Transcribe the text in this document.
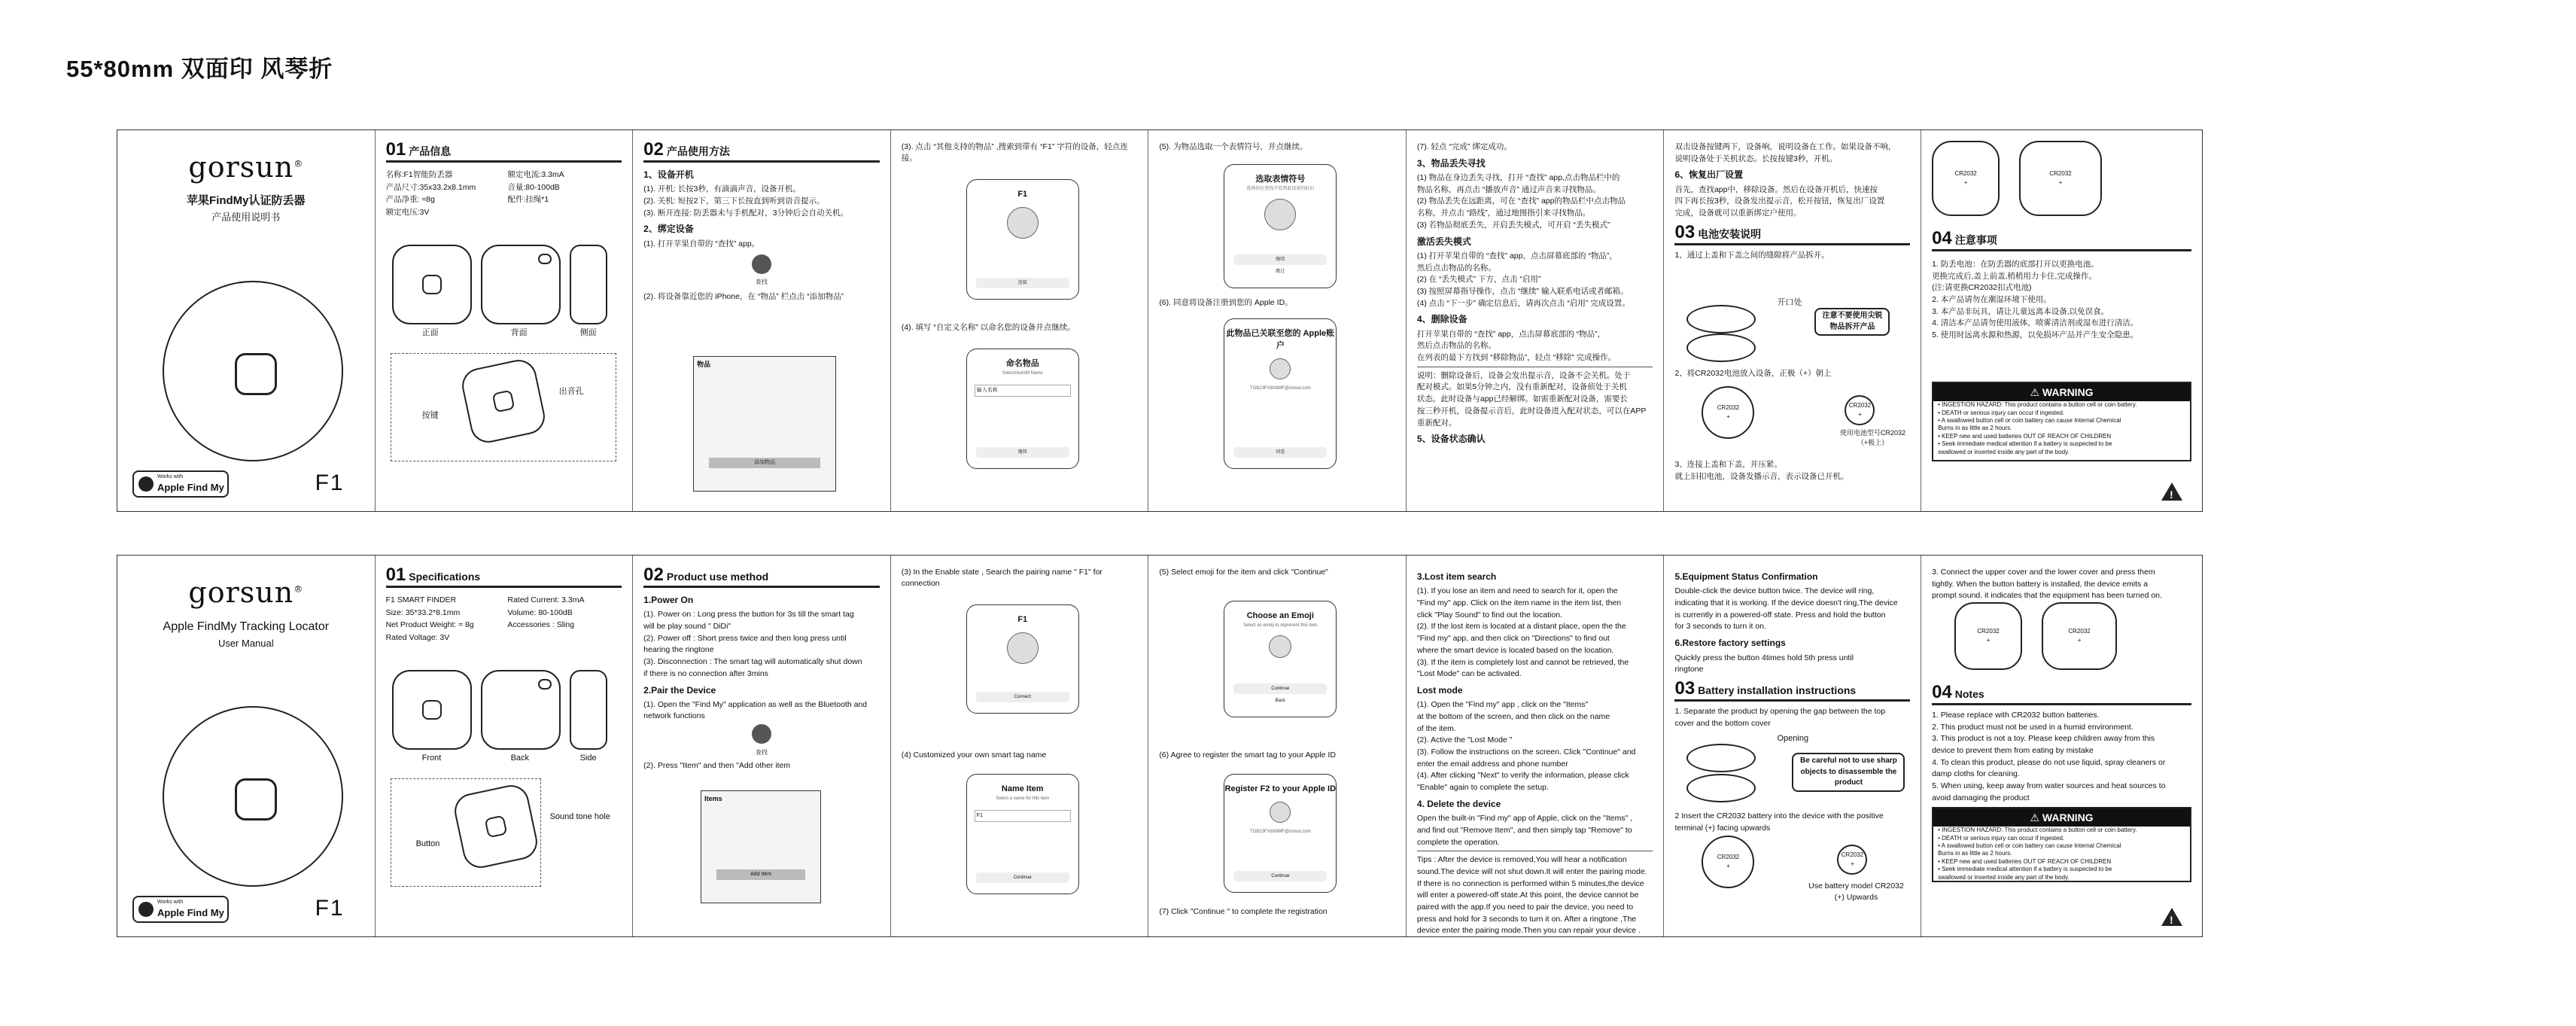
55*80mm 双面印 风琴折
gorsun®
苹果FindMy认证防丢器
产品使用说明书
Works with
Apple Find My	F1
01 产品信息
名称:F1智能防丢器	额定电流:3.3mA
产品尺寸:35x33.2x8.1mm	音量:80-100dB
产品净重: ≈8g	配件:挂绳*1
额定电压:3V
正面	背面	侧面
按键
出音孔
02 产品使用方法
1、设备开机
(1). 开机: 长按3秒，有滴滴声音，设备开机。
(2). 关机: 短按2下，第三下长按直到听到语音提示。
(3). 断开连接: 防丢器未与手机配对，3分钟后会自动关机。
2、绑定设备
(1). 打开苹果自带的 “查找” app。
查找
(2). 将设备靠近您的 iPhone，在 “物品” 栏点击 “添加物品”
物品
添加物品
(3). 点击 “其他支持的物品” ,搜索到带有 “F1” 字符的设备，轻点连接。
F1
连接
(4). 填写 “自定义名称” 以命名您的设备并点继续。
命名物品
Select/Autofill Name
输入名称
继续
(5). 为物品选取一个表情符号，并点继续。
选取表情符号
选择你在查找中看到此设备的标识
继续
跳过
(6). 同意将设备注册到您的 Apple ID。
此物品已关联至您的 Apple账户
TGB23FX8X8MF@icloud.com
同意
(7). 轻点 “完成” 绑定成功。
3、物品丢失寻找
(1) 物品在身边丢失寻找，打开 “查找” app,点击物品栏中的
物品名称，再点击 “播放声音” 通过声音来寻找物品。
(2) 物品丢失在远距离，可在 “查找” app的物品栏中点击物品
名称，并点击 “路线”，通过地图指引来寻找物品。
(3) 若物品彻底丢失，开启丢失模式，可开启 “丢失模式”
激活丢失模式
(1) 打开苹果自带的 “查找” app，点击屏幕底部的 “物品”，
然后点击物品的名称。
(2) 在 “丢失模式” 下方，点击 “启用”
(3) 按照屏幕指导操作，点击 “继续” 输入联系电话或者邮箱。
(4) 点击 “下一步” 确定信息后，请再次点击 “启用” 完成设置。
4、删除设备
打开苹果自带的 “查找” app，点击屏幕底部的 “物品”，
然后点击物品的名称。
在列表的最下方找到 “移除物品”，轻点 “移除” 完成操作。
说明：删除设备后，设备会发出提示音，设备不会关机。处于
配对模式。如果5分钟之内，没有重新配对，设备侦处于关机
状态。此时设备与app已经解绑。如需重新配对设备，需要长
按三秒开机，设备提示音后，此时设备进入配对状态，可以在APP
重新配对。
5、设备状态确认
双击设备按键两下，设备响，说明设备在工作。如果设备不响，
说明设备处于关机状态。长按按键3秒，开机。
6、恢复出厂设置
首先，查找app中，移除设备。然后在设备开机后，快速按
四下再长按3秒，设备发出提示音，松开按钮，恢复出厂设置
完成，设备就可以重新绑定户使用。
03 电池安装说明
1、通过上盖和下盖之间的缝隙将产品拆开。
开口处
注意不要使用尖锐物品拆开产品
2、将CR2032电池放入设备，正极（+）朝上
CR2032
+
CR2032
+
使用电池型号CR2032（+极上）
3、连接上盖和下盖，并压紧。
就上旧扣电池，设备发播示音，表示设备已开机。
CR2032
+
CR2032
+
04 注意事项
1. 防丢电池：在防丢器的底部打开以更换电池。
更换完成后,盖上前盖,稍稍用力卡住,完成操作。
(注:请更换CR2032扣式电池)
2. 本产品请勿在潮湿环境下使用。
3. 本产品非玩具，请让儿童远离本设备,以免误食。
4. 清洁本产品请勿使用液体，喷雾清洁剂或湿布进行清洁。
5. 使用时远离水源和热源，以免损坏产品并产生安全隐患。
⚠ WARNING
• INGESTION HAZARD: This product contains a button cell or coin battery.
• DEATH or serious injury can occur if ingested.
• A swallowed button cell or coin battery can cause Internal Chemical
Burns in as little as 2 hours.
• KEEP new and used batteries OUT OF REACH OF CHILDREN
• Seek immediate medical attention if a battery is suspected to be
swallowed or inserted inside any part of the body.
!
gorsun®
Apple FindMy Tracking Locator
User Manual
Works with
Apple Find My	F1
01 Specifications
F1 SMART FINDER	Rated Current: 3.3mA
Size: 35*33.2*8.1mm	Volume: 80-100dB
Net Product Weight: ≈ 8g	Accessories : Sling
Rated Voltage: 3V
Front	Back	Side
Button
Sound tone hole
02 Product use method
1.Power On
(1). Power on : Long press the button for 3s till the smart tag
will be play sound " DiDi"
(2). Power off : Short press twice and then long press until
hearing the ringtone
(3). Disconnection : The smart tag will automatically shut down
if there is no connection after 3mins
2.Pair the Device
(1). Open the "Find My" application as well as the Bluetooth and network functions
查找
(2). Press "Item" and then "Add other item
Items
Add Item
(3) In the Enable state , Search the pairing name " F1" for connection
F1
Connect
(4) Customized your own smart tag name
Name Item
Select a name for this item
F1
Continue
(5) Select emoji for the item and click "Continue"
Choose an Emoji
Select an emoji to represent this item
Continue
Back
(6) Agree to register the smart tag to your Apple ID
Register F2 to your Apple ID
TGB23FX8X8MF@icloud.com
Continue
(7) Click "Continue " to complete the registration
3.Lost item search
(1). If you lose an item and need to search for it, open the
"Find my" app. Click on the item name in the item list, then
click "Play Sound" to find out the location.
(2). If the lost item is located at a distant place, open the the
"Find my" app, and then click on "Directions" to find out
where the smart device is located based on the location.
(3). If the item is completely lost and cannot be retrieved, the
"Lost Mode" can be activated.
Lost mode
(1). Open the "Find my" app , click on the "Items"
at the bottom of the screen, and then click on the name
of the item.
(2). Active the "Lost Mode "
(3). Follow the instructions on the screen. Click "Continue" and
enter the email address and phone number
(4). After clicking "Next" to verify the information, please click
"Enable" again to complete the setup.
4. Delete the device
Open the built-in "Find my" app of Apple, click on the "Items" ,
and find out "Remove Item", and then simply tap "Remove" to
complete the operation.
Tips : After the device is removed,You will hear a notification
sound.The device will not shut down.It will enter the pairing mode.
If there is no connection is performed within 5 minutes,the device
will enter a powered-off state.At this point, the device cannot be
paired with the app.If you need to pair the device, you need to
press and hold for 3 seconds to turn it on. After a ringtone ,The
device enter the pairing mode.Then you can repair your device .
5.Equipment Status Confirmation
Double-click the device button twice. The device will ring,
indicating that it is working. If the device doesn't ring,The device
is currently in a powered-off state. Press and hold the button
for 3 seconds to turn it on.
6.Restore factory settings
Quickly press the button 4times hold 5th press until
ringtone
03 Battery installation instructions
1. Separate the product by opening the gap between the top
cover and the bottom cover
Opening
Be careful not to use sharp objects to disassemble the product
2 Insert the CR2032 battery into the device with the positive
terminal (+) facing upwards
CR2032
+
CR2032
+
Use battery model CR2032 (+) Upwards
3. Connect the upper cover and the lower cover and press them
tightly. When the button battery is installed, the device emits a
prompt sound. it indicates that the equipment has been turned on.
CR2032
+
CR2032
+
04 Notes
1. Please replace with CR2032 button batteries.
2. This product must not be used in a humid environment.
3. This product is not a toy. Please keep children away from this
device to prevent them from eating by mistake
4. To clean this product, please do not use liquid, spray cleaners or
damp cloths for cleaning.
5. When using, keep away from water sources and heat sources to
avoid damaging the product
⚠ WARNING
• INGESTION HAZARD: This product contains a button cell or coin battery.
• DEATH or serious injury can occur if ingested.
• A swallowed button cell or coin battery can cause Internal Chemical
Burns in as little as 2 hours.
• KEEP new and used batteries OUT OF REACH OF CHILDREN
• Seek immediate medical attention if a battery is suspected to be
swallowed or inserted inside any part of the body.
!
